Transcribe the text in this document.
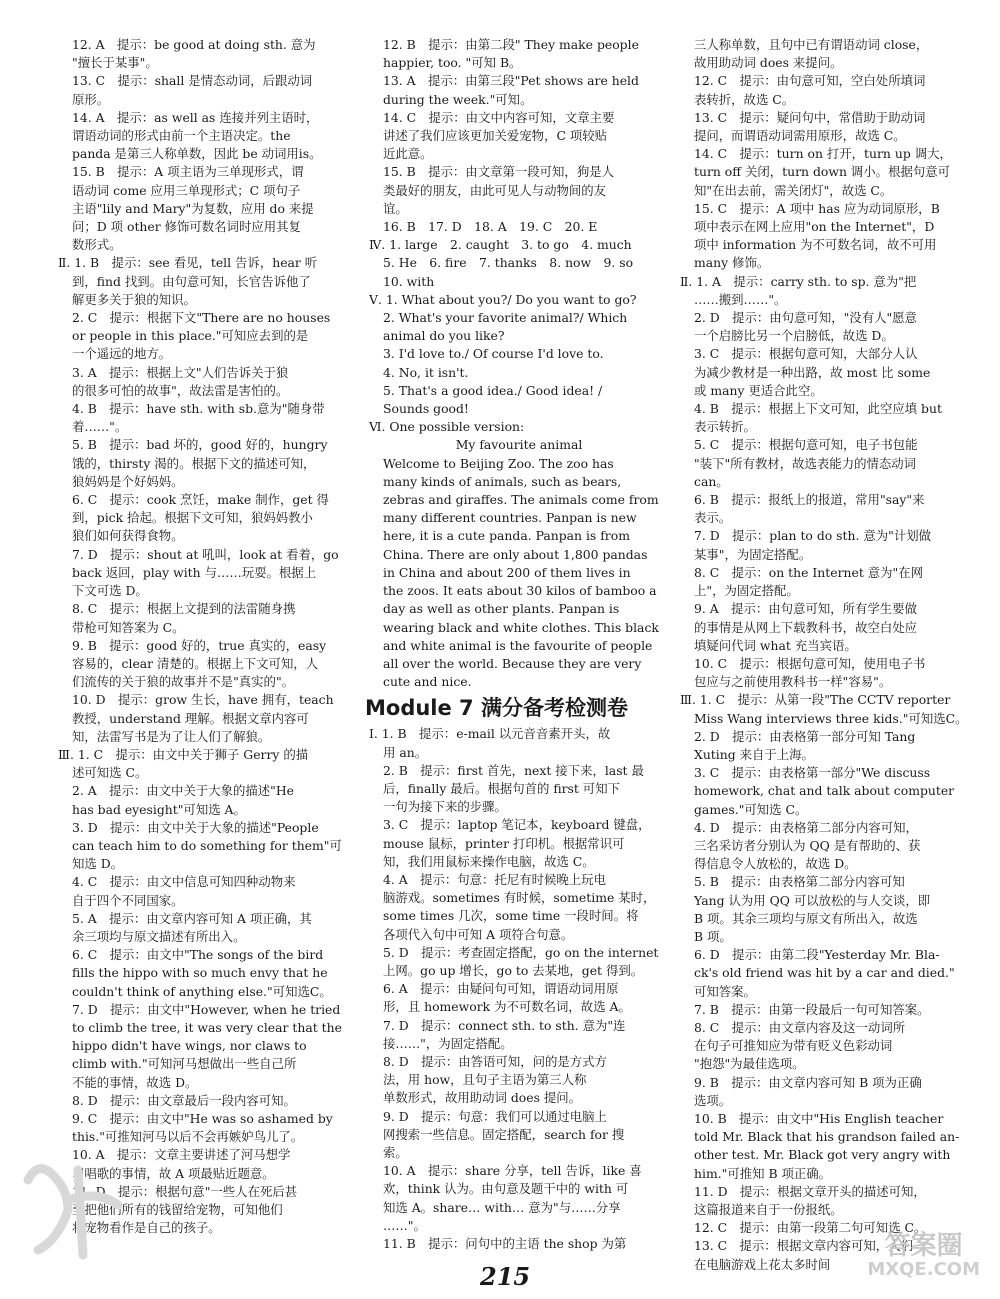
12. A　提示：be good at doing sth. 意为
"擅长于某事"。
13. C　提示：shall 是情态动词，后跟动词
原形。
14. A　提示：as well as 连接并列主语时，
谓语动词的形式由前一个主语决定。the
panda 是第三人称单数，因此 be 动词用is。
15. B　提示：A 项主语为三单现形式，谓
语动词 come 应用三单现形式；C 项句子
主语"lily and Mary"为复数，应用 do 来提
问；D 项 other 修饰可数名词时应用其复
数形式。
Ⅱ. 1. B　提示：see 看见，tell 告诉，hear 听
到，find 找到。由句意可知，长官告诉他了
解更多关于狼的知识。
2. C　提示：根据下文"There are no houses
or people in this place."可知应去到的是
一个遥远的地方。
3. A　提示：根据上文"人们告诉关于狼
的很多可怕的故事"，故法雷是害怕的。
4. B　提示：have sth. with sb.意为"随身带
着……"。
5. B　提示：bad 坏的，good 好的，hungry
饿的，thirsty 渴的。根据下文的描述可知，
狼妈妈是个好妈妈。
6. C　提示：cook 烹饪，make 制作，get 得
到，pick 拾起。根据下文可知，狼妈妈教小
狼们如何获得食物。
7. D　提示：shout at 吼叫，look at 看着，go
back 返回，play with 与……玩耍。根据上
下文可选 D。
8. C　提示：根据上文提到的法雷随身携
带枪可知答案为 C。
9. B　提示：good 好的，true 真实的，easy
容易的，clear 清楚的。根据上下文可知，人
们流传的关于狼的故事并不是"真实的"。
10. D　提示：grow 生长，have 拥有，teach
教授，understand 理解。根据文章内容可
知，法雷写书是为了让人们了解狼。
Ⅲ. 1. C　提示：由文中关于狮子 Gerry 的描
述可知选 C。
2. A　提示：由文中关于大象的描述"He
has bad eyesight"可知选 A。
3. D　提示：由文中关于大象的描述"People
can teach him to do something for them"可
知选 D。
4. C　提示：由文中信息可知四种动物来
自于四个不同国家。
5. A　提示：由文章内容可知 A 项正确，其
余三项均与原文描述有所出入。
6. C　提示：由文中"The songs of the bird
fills the hippo with so much envy that he
couldn't think of anything else."可知选C。
7. D　提示：由文中"However, when he tried
to climb the tree, it was very clear that the
hippo didn't have wings, nor claws to
climb with."可知河马想做出一些自己所
不能的事情，故选 D。
8. D　提示：由文章最后一段内容可知。
9. C　提示：由文中"He was so ashamed by
this."可推知河马以后不会再嫉妒鸟儿了。
10. A　提示：文章主要讲述了河马想学
习唱歌的事情，故 A 项最贴近题意。
11. D　提示：根据句意"一些人在死后甚
至把他们所有的钱留给宠物，可知他们
将宠物看作是自己的孩子。
12. B　提示：由第二段" They make people
happier, too. "可知 B。
13. A　提示：由第三段"Pet shows are held
during the week."可知。
14. C　提示：由文中内容可知，文章主要
讲述了我们应该更加关爱宠物，C 项较贴
近此意。
15. B　提示：由文章第一段可知，狗是人
类最好的朋友，由此可见人与动物间的友
谊。
16. B　17. D　18. A　19. C　20. E
Ⅳ. 1. large　2. caught　3. to go　4. much
5. He　6. fire　7. thanks　8. now　9. so
10. with
Ⅴ. 1. What about you?/ Do you want to go?
2. What's your favorite animal?/ Which
animal do you like?
3. I'd love to./ Of course I'd love to.
4. No, it isn't.
5. That's a good idea./ Good idea! /
Sounds good!
Ⅵ. One possible version:
My favourite animal
Welcome to Beijing Zoo. The zoo has
many kinds of animals, such as bears,
zebras and giraffes. The animals come from
many different countries. Panpan is new
here, it is a cute panda. Panpan is from
China. There are only about 1,800 pandas
in China and about 200 of them lives in
the zoos. It eats about 30 kilos of bamboo a
day as well as other plants. Panpan is
wearing black and white clothes. This black
and white animal is the favourite of people
all over the world. Because they are very
cute and nice.
Module 7 满分备考检测卷
Ⅰ. 1. B　提示：e-mail 以元音音素开头，故
用 an。
2. B　提示：first 首先，next 接下来，last 最
后，finally 最后。根据句首的 first 可知下
一句为接下来的步骤。
3. C　提示：laptop 笔记本，keyboard 键盘，
mouse 鼠标，printer 打印机。根据常识可
知，我们用鼠标来操作电脑，故选 C。
4. A　提示：句意：托尼有时候晚上玩电
脑游戏。sometimes 有时候，sometime 某时，
some times 几次，some time 一段时间。将
各项代入句中可知 A 项符合句意。
5. D　提示：考查固定搭配，go on the internet
上网。go up 增长，go to 去某地，get 得到。
6. A　提示：由疑问句可知，谓语动词用原
形，且 homework 为不可数名词，故选 A。
7. D　提示：connect sth. to sth. 意为"连
接……"，为固定搭配。
8. D　提示：由答语可知，问的是方式方
法，用 how，且句子主语为第三人称
单数形式，故用助动词 does 提问。
9. D　提示：句意：我们可以通过电脑上
网搜索一些信息。固定搭配，search for 搜
索。
10. A　提示：share 分享，tell 告诉，like 喜
欢，think 认为。由句意及题干中的 with 可
知选 A。share… with… 意为"与……分享
……"。
11. B　提示：问句中的主语 the shop 为第
三人称单数，且句中已有谓语动词 close，
故用助动词 does 来提问。
12. C　提示：由句意可知，空白处所填词
表转折，故选 C。
13. C　提示：疑问句中，常借助于助动词
提问，而谓语动词需用原形，故选 C。
14. C　提示：turn on 打开，turn up 调大，
turn off 关闭，turn down 调小。根据句意可
知"在出去前，需关闭灯"，故选 C。
15. C　提示：A 项中 has 应为动词原形，B
项中表示在网上应用"on the Internet"，D
项中 information 为不可数名词，故不可用
many 修饰。
Ⅱ. 1. A　提示：carry sth. to sp. 意为"把
……搬到……"。
2. D　提示：由句意可知，"没有人"愿意
一个启膀比另一个启膀低，故选 D。
3. C　提示：根据句意可知，大部分人认
为减少教材是一种出路，故 most 比 some
或 many 更适合此空。
4. B　提示：根据上下文可知，此空应填 but
表示转折。
5. C　提示：根据句意可知，电子书包能
"装下"所有教材，故选表能力的情态动词
can。
6. B　提示：报纸上的报道，常用"say"来
表示。
7. D　提示：plan to do sth. 意为"计划做
某事"，为固定搭配。
8. C　提示：on the Internet 意为"在网
上"，为固定搭配。
9. A　提示：由句意可知，所有学生要做
的事情是从网上下载教科书，故空白处应
填疑问代词 what 充当宾语。
10. C　提示：根据句意可知，使用电子书
包应与之前使用教科书一样"容易"。
Ⅲ. 1. C　提示：从第一段"The CCTV reporter
Miss Wang interviews three kids."可知选C。
2. D　提示：由表格第一部分可知 Tang
Xuting 来自于上海。
3. C　提示：由表格第一部分"We discuss
homework, chat and talk about computer
games."可知选 C。
4. D　提示：由表格第二部分内容可知，
三名采访者分别认为 QQ 是有帮助的、获
得信息令人放松的，故选 D。
5. B　提示：由表格第二部分内容可知
Yang 认为用 QQ 可以放松的与人交谈，即
B 项。其余三项均与原文有所出入，故选
B 项。
6. D　提示：由第二段"Yesterday Mr. Bla-
ck's old friend was hit by a car and died."
可知答案。
7. B　提示：由第一段最后一句可知答案。
8. C　提示：由文章内容及这一动词所
在句子可推知应为带有贬义色彩动词
"抱怨"为最佳选项。
9. B　提示：由文章内容可知 B 项为正确
选项。
10. B　提示：由文中"His English teacher
told Mr. Black that his grandson failed an-
other test. Mr. Black got very angry with
him."可推知 B 项正确。
11. D　提示：根据文章开头的描述可知，
这篇报道来自于一份报纸。
12. C　提示：由第一段第二句可知选 C。
13. C　提示：根据文章内容可知，人们
在电脑游戏上花太多时间
215
答案圈
MXQE.COM
